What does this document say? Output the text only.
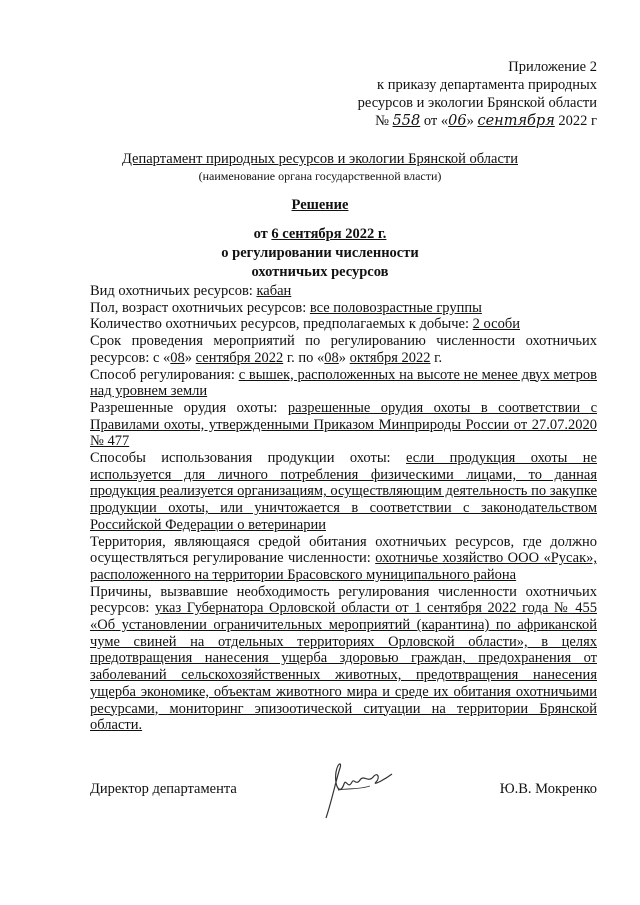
Приложение 2
к приказу департамента природных
ресурсов и экологии Брянской области
№ 558 от «06» сентября 2022 г
Департамент природных ресурсов и экологии Брянской области
(наименование органа государственной власти)
Решение
от 6 сентября 2022 г.
о регулировании численности
охотничьих ресурсов

Вид охотничьих ресурсов: кабан

Пол, возраст охотничьих ресурсов: все половозрастные группы

Количество охотничьих ресурсов, предполагаемых к добыче: 2 особи

Срок проведения мероприятий по регулированию численности охотничьих ресурсов: с «08» сентября 2022 г. по «08» октября 2022 г.

Способ регулирования: с вышек, расположенных на высоте не менее двух метров над уровнем земли

Разрешенные орудия охоты: разрешенные орудия охоты в соответствии с Правилами охоты, утвержденными Приказом Минприроды России от 27.07.2020 № 477

Способы использования продукции охоты: если продукция охоты не используется для личного потребления физическими лицами, то данная продукция реализуется организациям, осуществляющим деятельность по закупке продукции охоты, или уничтожается в соответствии с законодательством Российской Федерации о ветеринарии

Территория, являющаяся средой обитания охотничьих ресурсов, где должно осуществляться регулирование численности: охотничье хозяйство ООО «Русак», расположенного на территории Брасовского муниципального района

Причины, вызвавшие необходимость регулирования численности охотничьих ресурсов: указ Губернатора Орловской области от 1 сентября 2022 года № 455 «Об установлении ограничительных мероприятий (карантина) по африканской чуме свиней на отдельных территориях Орловской области», в целях предотвращения нанесения ущерба здоровью граждан, предохранения от заболеваний сельскохозяйственных животных, предотвращения нанесения ущерба экономике, объектам животного мира и среде их обитания охотничьими ресурсами, мониторинг эпизоотической ситуации на территории Брянской области.

Директор департамента	Ю.В. Мокренко
